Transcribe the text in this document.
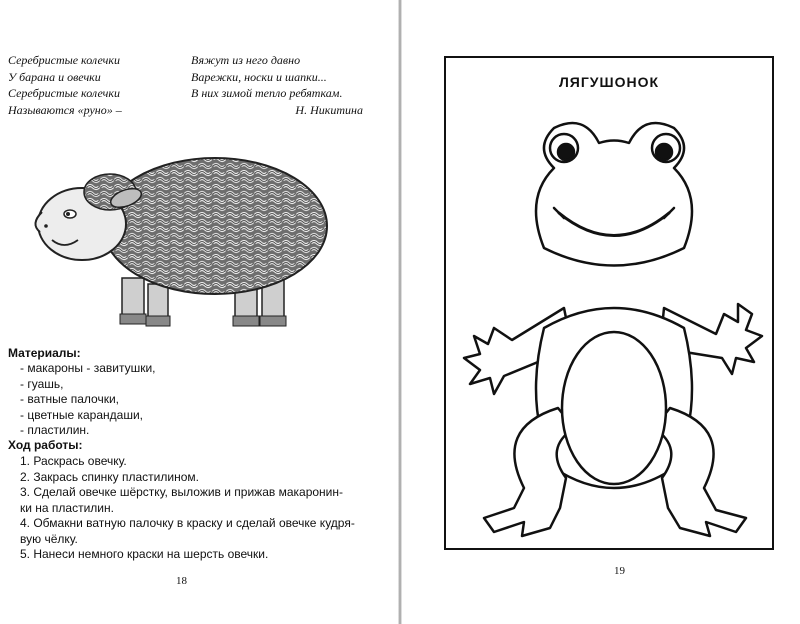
Серебристые колечки
У барана и овечки
Серебристые колечки
Называются «руно» –
Вяжут из него давно
Варежки, носки и шапки...
В них зимой тепло ребяткам.
Н. Никитина
Материалы:
- макароны - завитушки,
- гуашь,
- ватные палочки,
- цветные карандаши,
- пластилин.
Ход работы:
1. Раскрась овечку.
2. Закрась спинку пластилином.
3. Сделай овечке шёрстку, выложив и прижав макаронин-
ки на пластилин.
4. Обмакни ватную палочку в краску и сделай овечке кудря-
вую чёлку.
5. Нанеси немного краски на шерсть овечки.
18
ЛЯГУШОНОК
19
